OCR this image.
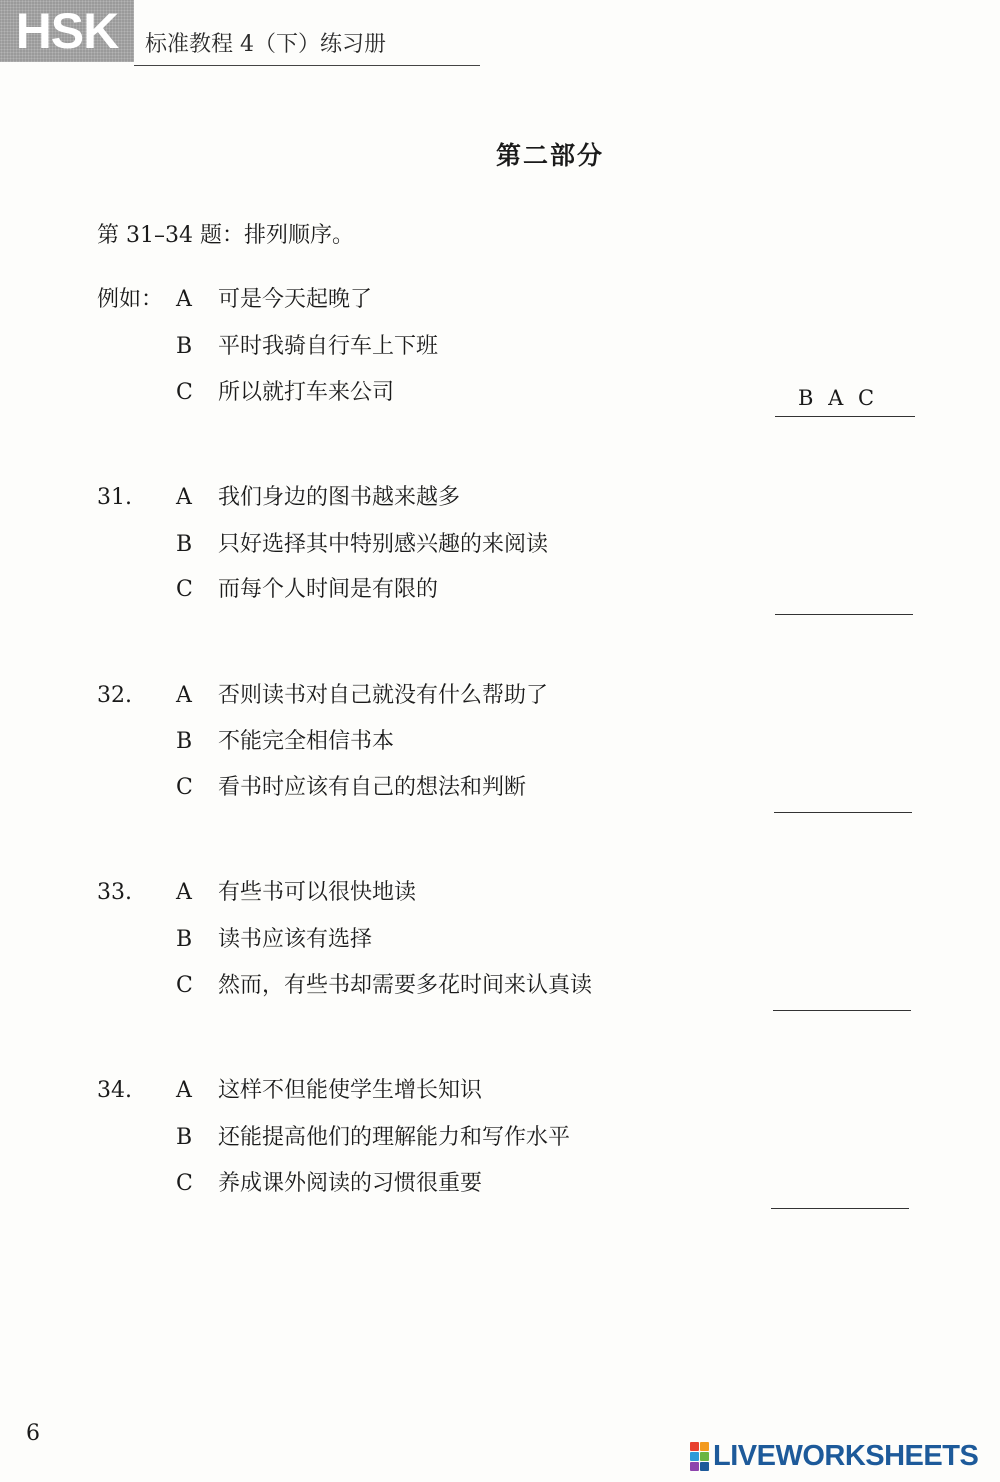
HSK	标准教程 4（下）练习册
第二部分
第 31–34 题：排列顺序。
例如： A 可是今天起晚了
B 平时我骑自行车上下班
C 所以就打车来公司	B A C
31. A 我们身边的图书越来越多
B 只好选择其中特别感兴趣的来阅读
C 而每个人时间是有限的
32. A 否则读书对自己就没有什么帮助了
B 不能完全相信书本
C 看书时应该有自己的想法和判断
33. A 有些书可以很快地读
B 读书应该有选择
C 然而，有些书却需要多花时间来认真读
34. A 这样不但能使学生增长知识
B 还能提高他们的理解能力和写作水平
C 养成课外阅读的习惯很重要
6
LIVEWORKSHEETS
